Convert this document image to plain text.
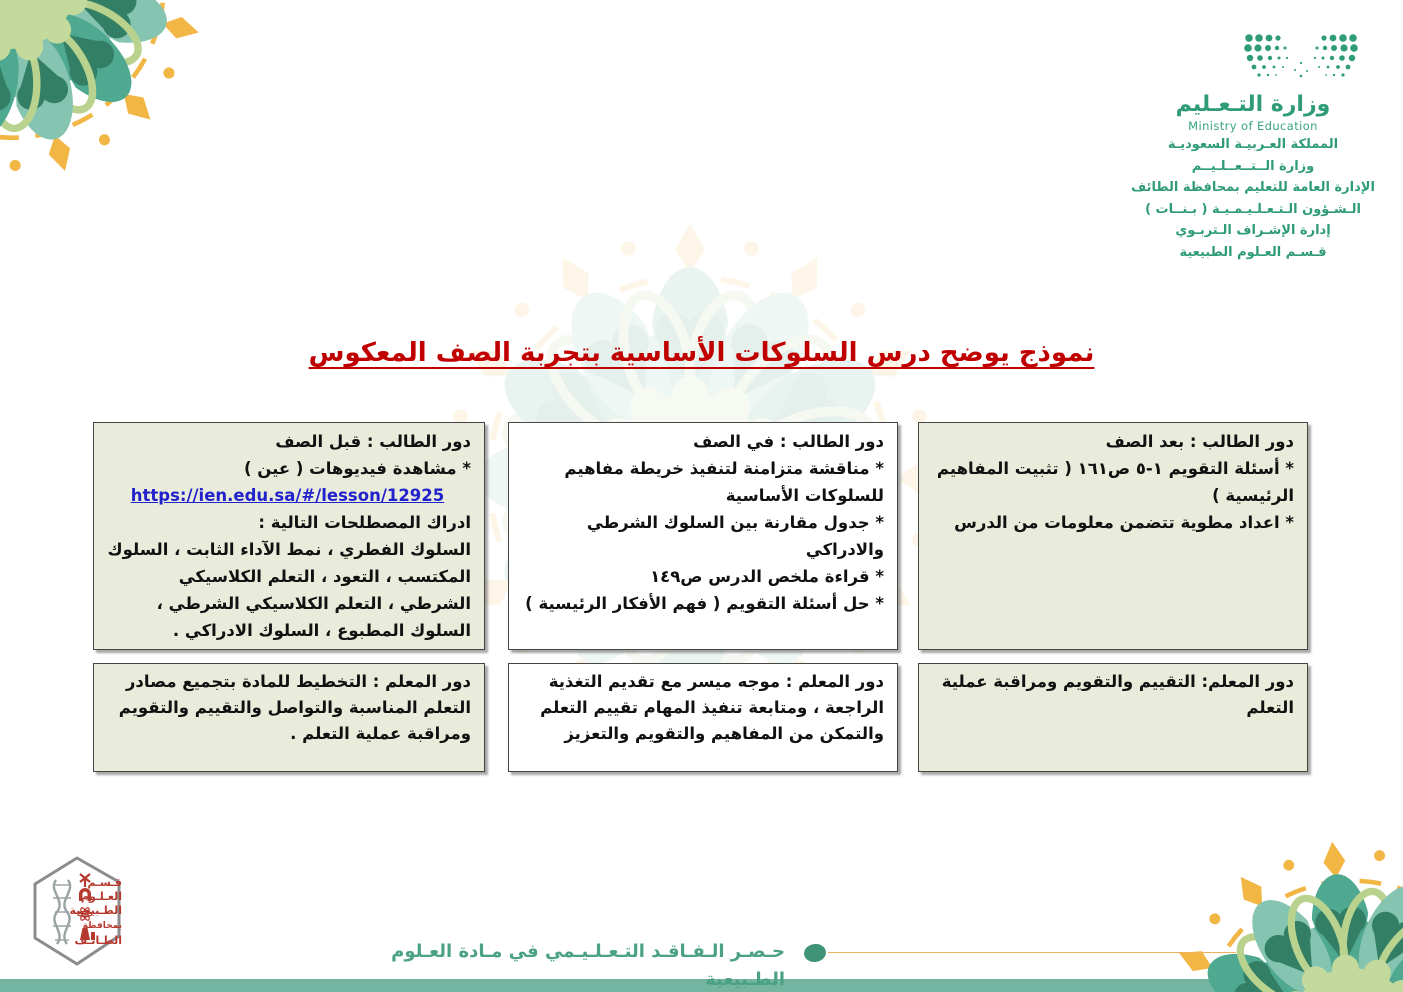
وزارة التـعـليم
Ministry of Education
المملكة العـربيـة السعوديـة
وزارة الــتــعــلـيــم
الإدارة العامة للتعليم بمحافظة الطائف
الـشـؤون الـتـعـلـيـمـيـة ( بـنــات )
إدارة الإشـراف الـتربـوي
قـسـم العـلوم الطبيعية
نموذج يوضح درس السلوكات الأساسية بتجربة الصف المعكوس
دور الطالب : بعد الصف
* أسئلة التقويم ١-٥ ص١٦١ ( تثبيت المفاهيم الرئيسية )
* اعداد مطوية تتضمن معلومات من الدرس
دور الطالب : في الصف
* مناقشة متزامنة لتنفيذ خريطة مفاهيم للسلوكات الأساسية
* جدول مقارنة بين السلوك الشرطي والادراكي
* قراءة ملخص الدرس ص١٤٩
* حل أسئلة التقويم ( فهم الأفكار الرئيسية )
دور الطالب : قبل الصف
* مشاهدة فيديوهات ( عين )
https://ien.edu.sa/#/lesson/12925
ادراك المصطلحات التالية :
السلوك الفطري ، نمط الآداء الثابت ، السلوك المكتسب ، التعود ، التعلم الكلاسيكي الشرطي ، التعلم الكلاسيكي الشرطي ، السلوك المطبوع ، السلوك الادراكي .
دور المعلم: التقييم والتقويم ومراقبة عملية التعلم
دور المعلم : موجه ميسر مع تقديم التغذية الراجعة ، ومتابعة تنفيذ المهام تقييم التعلم والتمكن من المفاهيم والتقويم والتعزيز
دور المعلم : التخطيط للمادة بتجميع مصادر التعلم المناسبة والتواصل والتقييم والتقويم ومراقبة عملية التعلم .
قـسـم
العـلـوم
الطـبيعـية
بمحافظة
الطـائـف
حـصـر الـفـاقـد التـعـلـيـمي في مـادة العـلوم الطـبيعية
